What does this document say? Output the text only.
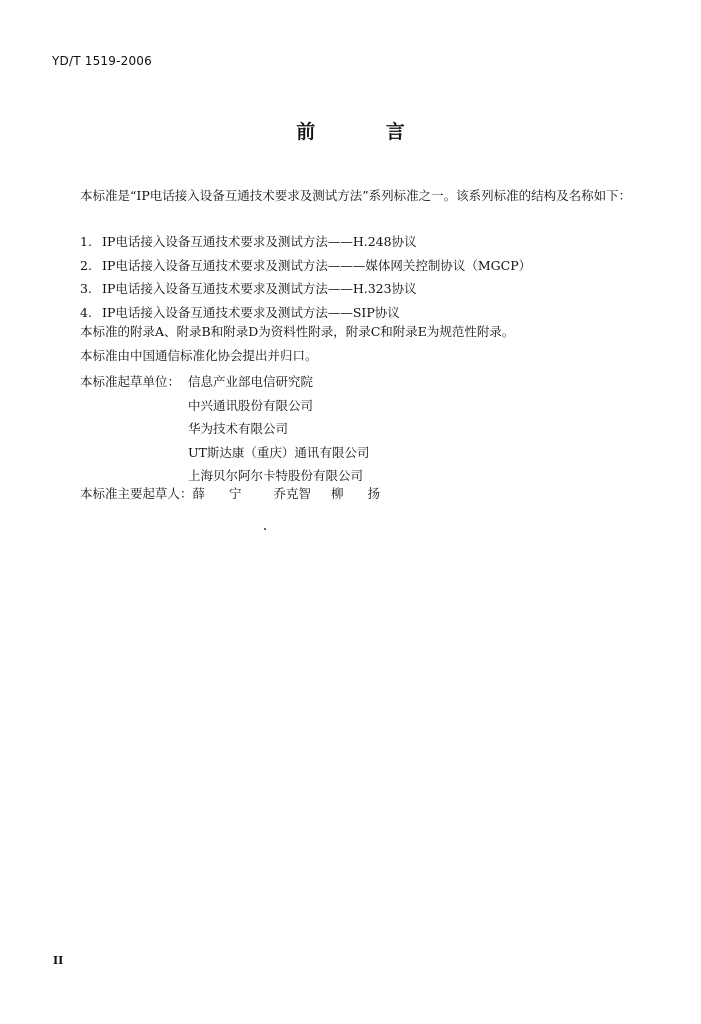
YD/T 1519-2006
前 言
本标准是“IP电话接入设备互通技术要求及测试方法”系列标准之一。该系列标准的结构及名称如下：
1. IP电话接入设备互通技术要求及测试方法——H.248协议
2. IP电话接入设备互通技术要求及测试方法———媒体网关控制协议（MGCP）
3. IP电话接入设备互通技术要求及测试方法——H.323协议
4. IP电话接入设备互通技术要求及测试方法——SIP协议
本标准的附录A、附录B和附录D为资料性附录，附录C和附录E为规范性附录。
本标准由中国通信标准化协会提出并归口。
本标准起草单位： 信息产业部电信研究院
中兴通讯股份有限公司
华为技术有限公司
UT斯达康（重庆）通讯有限公司
上海贝尔阿尔卡特股份有限公司
本标准主要起草人：薛 宁 乔克智 柳 扬
II
